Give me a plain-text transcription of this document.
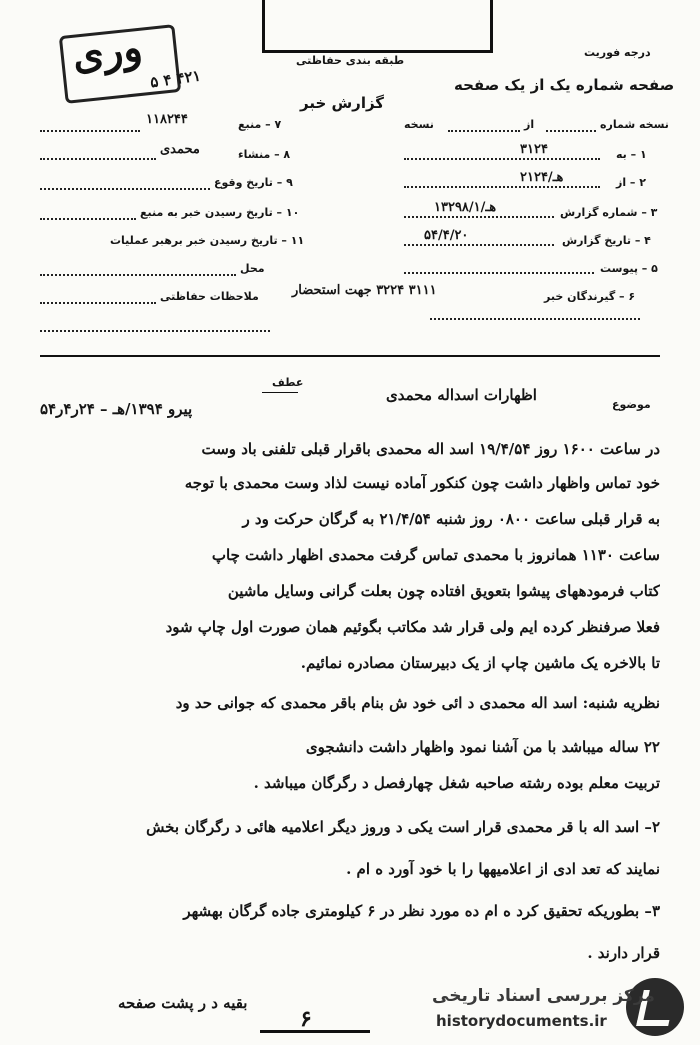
وری ۵ ۴ ۴۲۱
طبقه بندی حفاظتی
درجه فوریت
صفحه شماره یک از یک صفحه
گزارش خبر
نسخه شماره
از
نسخه
۱ – به
۳۱۲۴
۲ – از
۲۱۲۴/هـ
۳ – شماره گزارش
۱۳۲۹۸/۱/هـ
۴ – تاریخ گزارش
۵۴/۴/۲۰
۵ – پیوست
۶ – گیرندگان خبر
۳۱۱۱ ۳۲۲۴ جهت استحضار
۷ – منبع
۱۱۸۲۴۴
۸ – منشاء
محمدی
۹ – تاریخ وقوع
۱۰ – تاریخ رسیدن خبر به منبع
۱۱ – تاریخ رسیدن خبر برهبر عملیات
محل
ملاحظات حفاظتی
موضوع
اظهارات اسداله محمدی
عطف
پیرو ۱۳۹۴/هـ – ۲۴ر۴ر۵۴
در ساعت ۱۶۰۰ روز ۱۹/۴/۵۴ اسد اله محمدی باقرار قبلی تلفنی باد وست
خود تماس واظهار داشت چون کنکور آماده نیست لذاد وست محمدی با توجه
به قرار قبلی ساعت ۰۸۰۰ روز شنبه ۲۱/۴/۵۴ به گرگان حرکت ود ر
ساعت ۱۱۳۰ همانروز با محمدی تماس گرفت محمدی اظهار داشت چاپ
کتاب فرمودههای پیشوا بتعویق افتاده چون بعلت گرانی وسایل ماشین
فعلا صرفنظر کرده ایم ولی قرار شد مکاتب بگوئیم همان صورت اول چاپ شود
تا بالاخره یک ماشین چاپ از یک دبیرستان مصادره نمائیم.
نظریه شنبه: اسد اله محمدی د ائی خود ش بنام باقر محمدی که جوانی حد ود
۲۲ ساله میباشد با من آشنا نمود واظهار داشت دانشجوی
تربیت معلم بوده رشته صاحبه شغل چهارفصل د رگرگان میباشد .
۲– اسد اله با قر محمدی قرار است یکی د وروز دیگر اعلامیه هائی د رگرگان بخش
نمایند که تعد ادی از اعلامیهها را با خود آورد ه ام .
۳– بطوریکه تحقیق کرد ه ام ده مورد نظر در ۶ کیلومتری جاده گرگان بهشهر
قرار دارند .
بقیه د ر پشت صفحه
۶
مرکز بررسی اسناد تاریخی
historydocuments.ir
